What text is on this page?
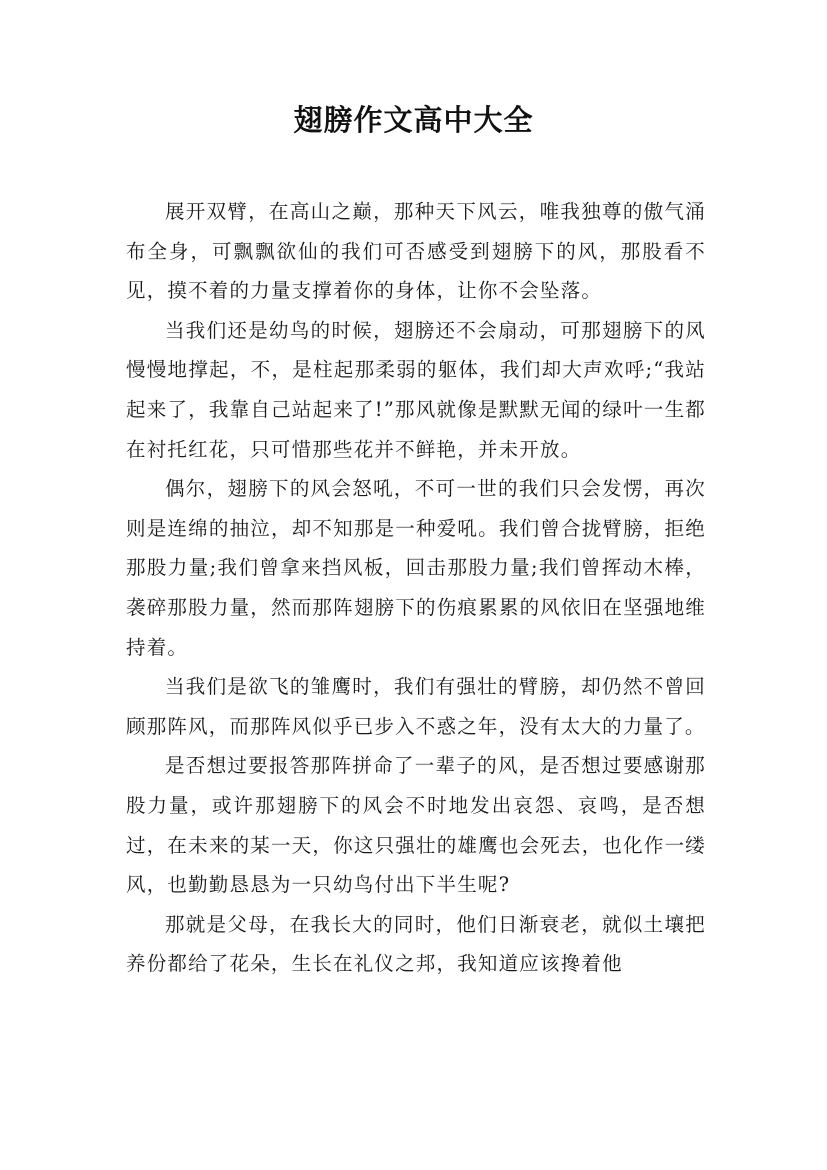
翅膀作文高中大全

展开双臂，在高山之巅，那种天下风云，唯我独尊的傲气涌布全身，可飘飘欲仙的我们可否感受到翅膀下的风，那股看不见，摸不着的力量支撑着你的身体，让你不会坠落。

当我们还是幼鸟的时候，翅膀还不会扇动，可那翅膀下的风慢慢地撑起，不，是柱起那柔弱的躯体，我们却大声欢呼;“我站起来了，我靠自己站起来了!”那风就像是默默无闻的绿叶一生都在衬托红花，只可惜那些花并不鲜艳，并未开放。

偶尔，翅膀下的风会怒吼，不可一世的我们只会发愣，再次则是连绵的抽泣，却不知那是一种爱吼。我们曾合拢臂膀，拒绝那股力量;我们曾拿来挡风板，回击那股力量;我们曾挥动木棒，袭碎那股力量，然而那阵翅膀下的伤痕累累的风依旧在坚强地维持着。

当我们是欲飞的雏鹰时，我们有强壮的臂膀，却仍然不曾回顾那阵风，而那阵风似乎已步入不惑之年，没有太大的力量了。

是否想过要报答那阵拼命了一辈子的风，是否想过要感谢那股力量，或许那翅膀下的风会不时地发出哀怨、哀鸣，是否想过，在未来的某一天，你这只强壮的雄鹰也会死去，也化作一缕风，也勤勤恳恳为一只幼鸟付出下半生呢?

那就是父母，在我长大的同时，他们日渐衰老，就似土壤把养份都给了花朵，生长在礼仪之邦，我知道应该搀着他
